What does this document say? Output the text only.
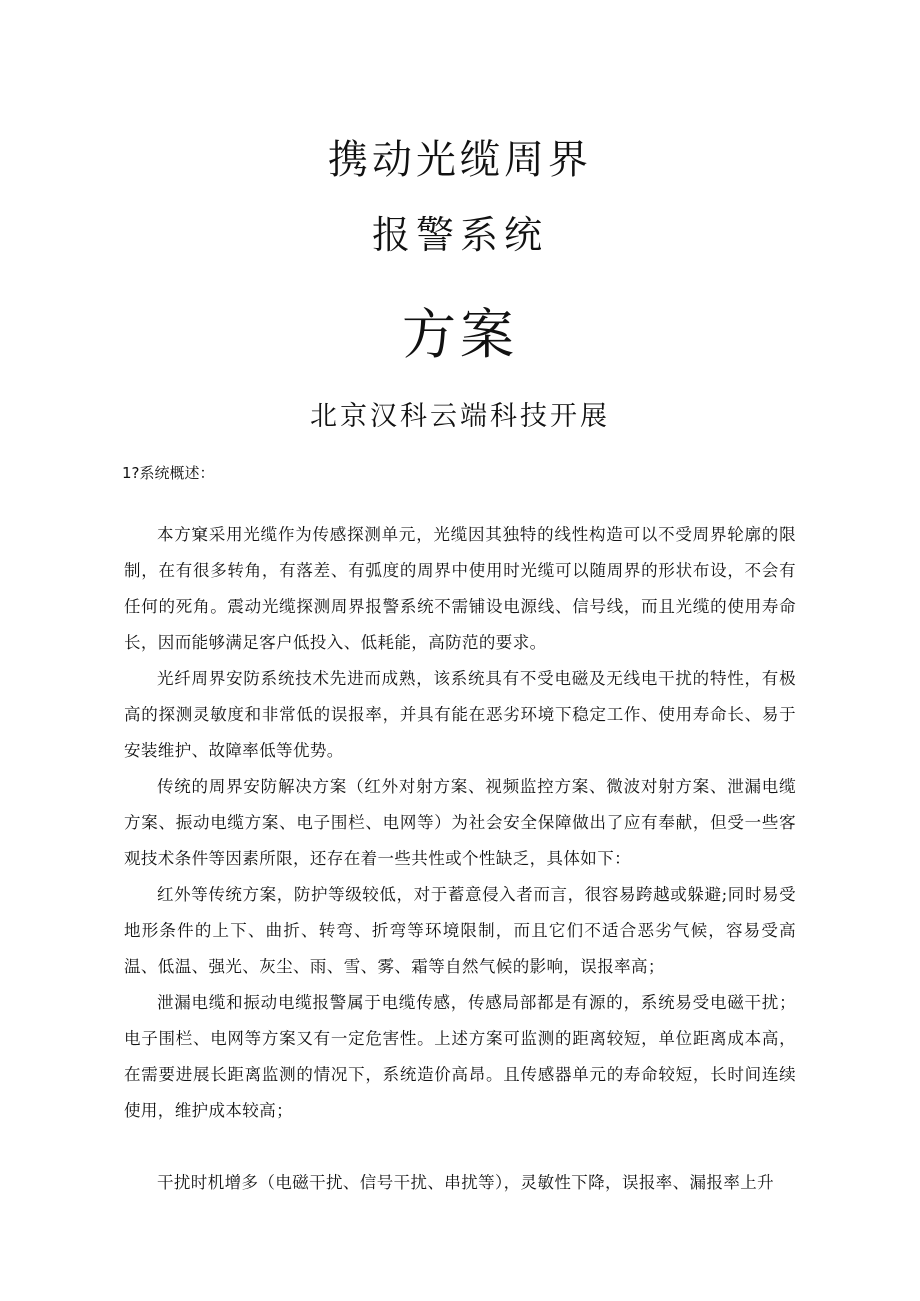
携动光缆周界
报警系统
方案
北京汉科云端科技开展
1?系统概述：

本方窠采用光缆作为传感探测单元，光缆因其独特的线性构造可以不受周界轮廓的限制，在有很多转角，有落差、有弧度的周界中使用时光缆可以随周界的形状布设，不会有任何的死角。震动光缆探测周界报警系统不需铺设电源线、信号线，而且光缆的使用寿命长，因而能够满足客户低投入、低耗能，高防范的要求。

光纤周界安防系统技术先进而成熟，该系统具有不受电磁及无线电干扰的特性，有极高的探测灵敏度和非常低的误报率，并具有能在恶劣环境下稳定工作、使用寿命长、易于安装维护、故障率低等优势。

传统的周界安防解决方案（红外对射方案、视频监控方案、微波对射方案、泄漏电缆方案、振动电缆方案、电子围栏、电网等）为社会安全保障做出了应有奉献，但受一些客观技术条件等因素所限，还存在着一些共性或个性缺乏，具体如下：

红外等传统方案，防护等级较低，对于蓄意侵入者而言，很容易跨越或躲避;同时易受地形条件的上下、曲折、转弯、折弯等环境限制，而且它们不适合恶劣气候，容易受高温、低温、强光、灰尘、雨、雪、雾、霜等自然气候的影响，误报率高；

泄漏电缆和振动电缆报警属于电缆传感，传感局部都是有源的，系统易受电磁干扰；电子围栏、电网等方案又有一定危害性。上述方案可监测的距离较短，单位距离成本高，在需要进展长距离监测的情况下，系统造价高昂。且传感器单元的寿命较短，长时间连续使用，维护成本较高；

干扰时机增多（电磁干扰、信号干扰、串扰等），灵敏性下降，误报率、漏报率上升
